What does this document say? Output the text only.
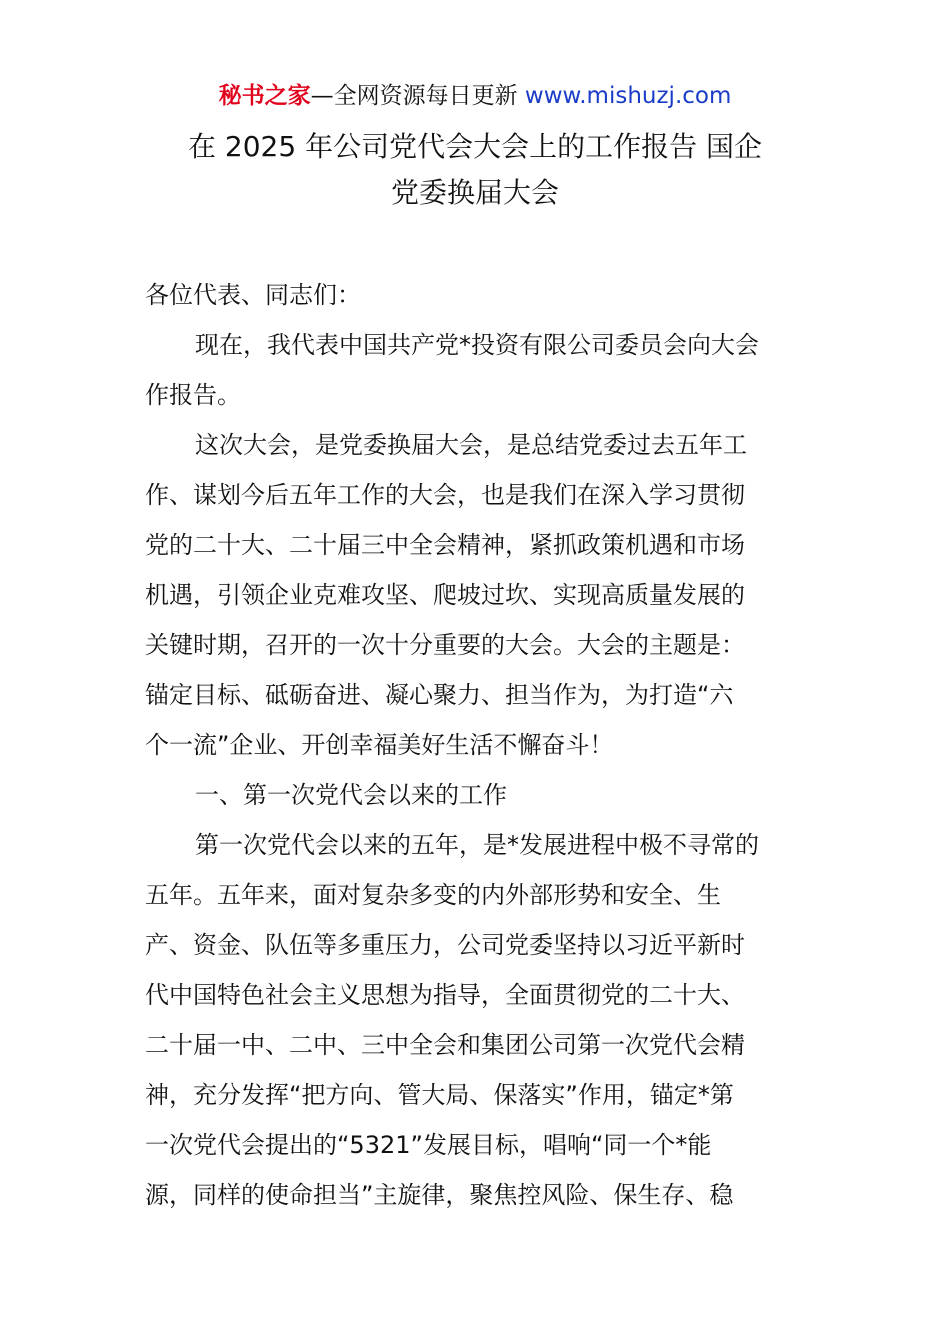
秘书之家—全网资源每日更新 www.mishuzj.com
在 2025 年公司党代会大会上的工作报告 国企
党委换届大会
各位代表、同志们：
现在，我代表中国共产党*投资有限公司委员会向大会
作报告。
这次大会，是党委换届大会，是总结党委过去五年工
作、谋划今后五年工作的大会，也是我们在深入学习贯彻
党的二十大、二十届三中全会精神，紧抓政策机遇和市场
机遇，引领企业克难攻坚、爬坡过坎、实现高质量发展的
关键时期，召开的一次十分重要的大会。大会的主题是：
锚定目标、砥砺奋进、凝心聚力、担当作为，为打造“六
个一流”企业、开创幸福美好生活不懈奋斗！
一、第一次党代会以来的工作
第一次党代会以来的五年，是*发展进程中极不寻常的
五年。五年来，面对复杂多变的内外部形势和安全、生
产、资金、队伍等多重压力，公司党委坚持以习近平新时
代中国特色社会主义思想为指导，全面贯彻党的二十大、
二十届一中、二中、三中全会和集团公司第一次党代会精
神，充分发挥“把方向、管大局、保落实”作用，锚定*第
一次党代会提出的“5321”发展目标，唱响“同一个*能
源，同样的使命担当”主旋律，聚焦控风险、保生存、稳
